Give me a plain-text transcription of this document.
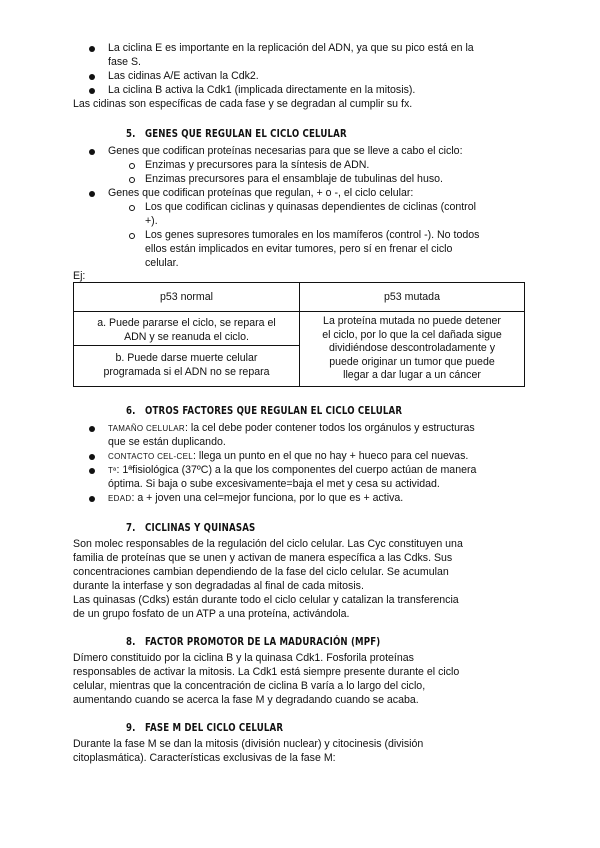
La ciclina E es importante en la replicación del ADN, ya que su pico está en la
fase S.
Las cidinas A/E activan la Cdk2.
La ciclina B activa la Cdk1 (implicada directamente en la mitosis).
Las cidinas son específicas de cada fase y se degradan al cumplir su fx.
5. GENES QUE REGULAN EL CICLO CELULAR
Genes que codifican proteínas necesarias para que se lleve a cabo el ciclo:
Enzimas y precursores para la síntesis de ADN.
Enzimas precursores para el ensamblaje de tubulinas del huso.
Genes que codifican proteínas que regulan, + o -, el ciclo celular:
Los que codifican ciclinas y quinasas dependientes de ciclinas (control
+).
Los genes supresores tumorales en los mamíferos (control -). No todos
ellos están implicados en evitar tumores, pero sí en frenar el ciclo
celular.
Ej:
p53 normal	p53 mutada
a. Puede pararse el ciclo, se repara el
ADN y se reanuda el ciclo.
b. Puede darse muerte celular
programada si el ADN no se repara
La proteína mutada no puede detener
el ciclo, por lo que la cel dañada sigue
dividiéndose descontroladamente y
puede originar un tumor que puede
llegar a dar lugar a un cáncer
6. OTROS FACTORES QUE REGULAN EL CICLO CELULAR
TAMAÑO CELULAR: la cel debe poder contener todos los orgánulos y estructuras
que se están duplicando.
CONTACTO CEL-CEL: llega un punto en el que no hay + hueco para cel nuevas.
Tª: 1ªfisiológica (37ºC) a la que los componentes del cuerpo actúan de manera
óptima. Si baja o sube excesivamente=baja el met y cesa su actividad.
EDAD: a + joven una cel=mejor funciona, por lo que es + activa.
7. CICLINAS Y QUINASAS
Son molec responsables de la regulación del ciclo celular. Las Cyc constituyen una
familia de proteínas que se unen y activan de manera específica a las Cdks. Sus
concentraciones cambian dependiendo de la fase del ciclo celular. Se acumulan
durante la interfase y son degradadas al final de cada mitosis.
Las quinasas (Cdks) están durante todo el ciclo celular y catalizan la transferencia
de un grupo fosfato de un ATP a una proteína, activándola.
8. FACTOR PROMOTOR DE LA MADURACIÓN (MPF)
Dímero constituido por la ciclina B y la quinasa Cdk1. Fosforila proteínas
responsables de activar la mitosis. La Cdk1 está siempre presente durante el ciclo
celular, mientras que la concentración de ciclina B varía a lo largo del ciclo,
aumentando cuando se acerca la fase M y degradando cuando se acaba.
9. FASE M DEL CICLO CELULAR
Durante la fase M se dan la mitosis (división nuclear) y citocinesis (división
citoplasmática). Características exclusivas de la fase M:
